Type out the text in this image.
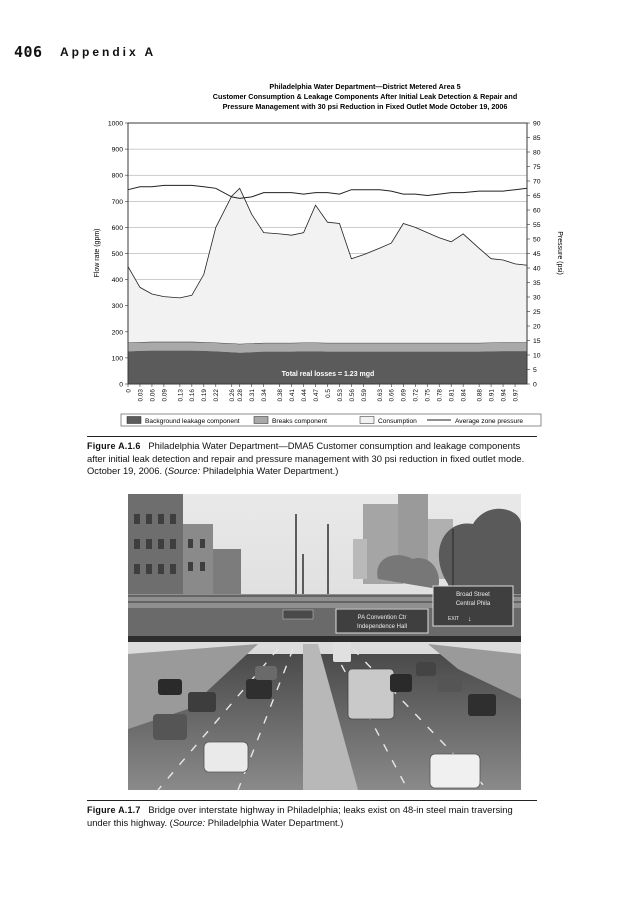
406 Appendix A
Philadelphia Water Department—District Metered Area 5
Customer Consumption & Leakage Components After Initial Leak Detection & Repair and
Pressure Management with 30 psi Reduction in Fixed Outlet Mode October 19, 2006
0
100
200
300
400
500
600
700
800
900
1000
0
5
10
15
20
25
30
35
40
45
50
55
60
65
70
75
80
85
90
0 0.03 0.06 0.09 0.13 0.16 0.19 0.22 0.26 0.28 0.31 0.34 0.38 0.41 0.44 0.47 0.5 0.53 0.56 0.59 0.63 0.66 0.69 0.72 0.75 0.78 0.81 0.84 0.88 0.91 0.94 0.97
Flow rate (gpm)	Pressure (psi)
Total real losses = 1.23 mgd
Background leakage component	Breaks component	Consumption	Average zone pressure
Figure A.1.6 Philadelphia Water Department—DMA5 Customer consumption and leakage components after initial leak detection and repair and pressure management with 30 psi reduction in fixed outlet mode. October 19, 2006. (Source: Philadelphia Water Department.)
Broad Street
Central Phila
EXIT ↓
PA Convention Ctr
Independence Hall
Figure A.1.7 Bridge over interstate highway in Philadelphia; leaks exist on 48-in steel main traversing under this highway. (Source: Philadelphia Water Department.)
